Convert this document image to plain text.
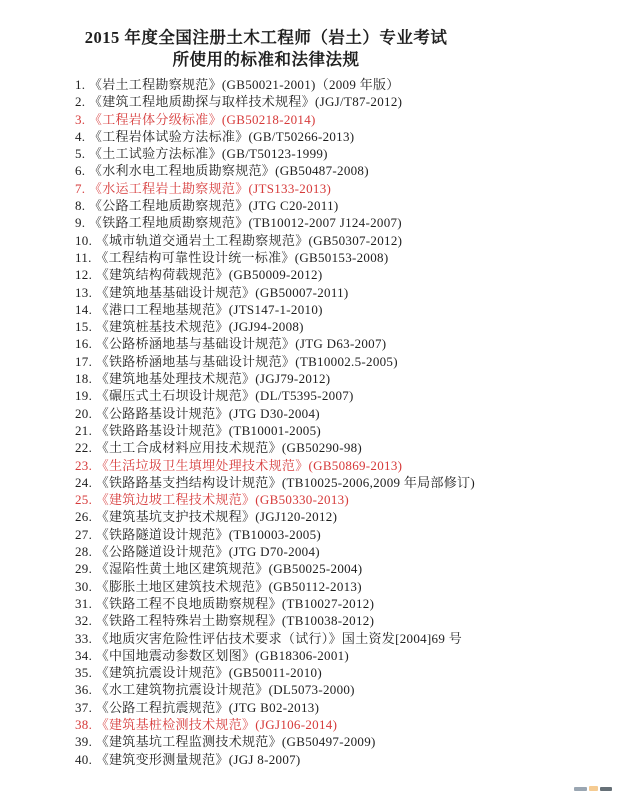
2015 年度全国注册土木工程师（岩土）专业考试
所使用的标准和法律法规
1. 《岩土工程勘察规范》(GB50021-2001)（2009 年版）
2. 《建筑工程地质勘探与取样技术规程》(JGJ/T87-2012)
3. 《工程岩体分级标准》(GB50218-2014)
4. 《工程岩体试验方法标准》(GB/T50266-2013)
5. 《土工试验方法标准》(GB/T50123-1999)
6. 《水利水电工程地质勘察规范》(GB50487-2008)
7. 《水运工程岩土勘察规范》(JTS133-2013)
8. 《公路工程地质勘察规范》(JTG C20-2011)
9. 《铁路工程地质勘察规范》(TB10012-2007 J124-2007)
10. 《城市轨道交通岩土工程勘察规范》(GB50307-2012)
11. 《工程结构可靠性设计统一标准》(GB50153-2008)
12. 《建筑结构荷载规范》(GB50009-2012)
13. 《建筑地基基础设计规范》(GB50007-2011)
14. 《港口工程地基规范》(JTS147-1-2010)
15. 《建筑桩基技术规范》(JGJ94-2008)
16. 《公路桥涵地基与基础设计规范》(JTG D63-2007)
17. 《铁路桥涵地基与基础设计规范》(TB10002.5-2005)
18. 《建筑地基处理技术规范》(JGJ79-2012)
19. 《碾压式土石坝设计规范》(DL/T5395-2007)
20. 《公路路基设计规范》(JTG D30-2004)
21. 《铁路路基设计规范》(TB10001-2005)
22. 《土工合成材料应用技术规范》(GB50290-98)
23. 《生活垃圾卫生填埋处理技术规范》(GB50869-2013)
24. 《铁路路基支挡结构设计规范》(TB10025-2006,2009 年局部修订)
25. 《建筑边坡工程技术规范》(GB50330-2013)
26. 《建筑基坑支护技术规程》(JGJ120-2012)
27. 《铁路隧道设计规范》(TB10003-2005)
28. 《公路隧道设计规范》(JTG D70-2004)
29. 《湿陷性黄土地区建筑规范》(GB50025-2004)
30. 《膨胀土地区建筑技术规范》(GB50112-2013)
31. 《铁路工程不良地质勘察规程》(TB10027-2012)
32. 《铁路工程特殊岩土勘察规程》(TB10038-2012)
33. 《地质灾害危险性评估技术要求（试行）》国土资发[2004]69 号
34. 《中国地震动参数区划图》(GB18306-2001)
35. 《建筑抗震设计规范》(GB50011-2010)
36. 《水工建筑物抗震设计规范》(DL5073-2000)
37. 《公路工程抗震规范》(JTG B02-2013)
38. 《建筑基桩检测技术规范》(JGJ106-2014)
39. 《建筑基坑工程监测技术规范》(GB50497-2009)
40. 《建筑变形测量规范》(JGJ 8-2007)
